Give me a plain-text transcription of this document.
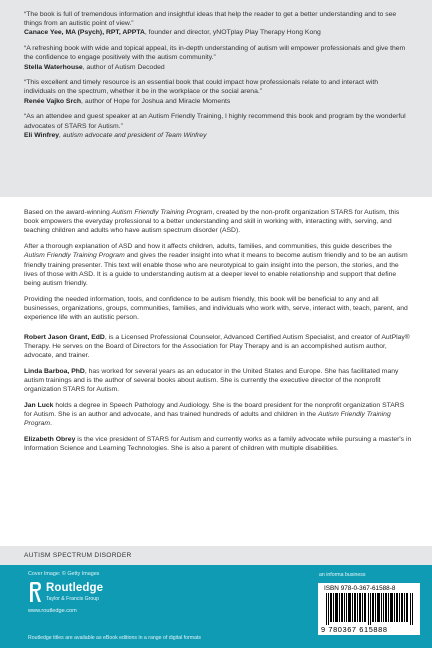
“The book is full of tremendous information and insightful ideas that help the reader to get a better understanding and to see things from an autistic point of view.”

Canace Yee, MA (Psych), RPT, APPTA, founder and director, yNOTplay Play Therapy Hong Kong

“A refreshing book with wide and topical appeal, its in-depth understanding of autism will empower professionals and give them the confidence to engage positively with the autism community.”

Stella Waterhouse, author of Autism Decoded

“This excellent and timely resource is an essential book that could impact how professionals relate to and interact with individuals on the spectrum, whether it be in the workplace or the social arena.”

Renée Vajko Srch, author of Hope for Joshua and Miracle Moments

“As an attendee and guest speaker at an Autism Friendly Training, I highly recommend this book and program by the wonderful advocates of STARS for Autism.”

Eli Winfrey, autism advocate and president of Team Winfrey

Based on the award-winning Autism Friendly Training Program, created by the non-profit organization STARS for Autism, this book empowers the everyday professional to a better understanding and skill in working with, interacting with, serving, and teaching children and adults who have autism spectrum disorder (ASD).

After a thorough explanation of ASD and how it affects children, adults, families, and communities, this guide describes the Autism Friendly Training Program and gives the reader insight into what it means to become autism friendly and to be an autism friendly training presenter. This text will enable those who are neurotypical to gain insight into the person, the stories, and the lives of those with ASD. It is a guide to understanding autism at a deeper level to enable relationship and support that define being autism friendly.

Providing the needed information, tools, and confidence to be autism friendly, this book will be beneficial to any and all businesses, organizations, groups, communities, families, and individuals who work with, serve, interact with, teach, parent, and experience life with an autistic person.

Robert Jason Grant, EdD, is a Licensed Professional Counselor, Advanced Certified Autism Specialist, and creator of AutPlay® Therapy. He serves on the Board of Directors for the Association for Play Therapy and is an accomplished autism author, advocate, and trainer.

Linda Barboa, PhD, has worked for several years as an educator in the United States and Europe. She has facilitated many autism trainings and is the author of several books about autism. She is currently the executive director of the nonprofit organization STARS for Autism.

Jan Luck holds a degree in Speech Pathology and Audiology. She is the board president for the nonprofit organization STARS for Autism. She is an author and advocate, and has trained hundreds of adults and children in the Autism Friendly Training Program.

Elizabeth Obrey is the vice president of STARS for Autism and currently works as a family advocate while pursuing a master's in Information Science and Learning Technologies. She is also a parent of children with multiple disabilities.

AUTISM SPECTRUM DISORDER
Cover Image: © Getty Images
Routledge
Taylor & Francis Group
www.routledge.com
Routledge titles are available as eBook editions in a range of digital formats
an informa business
ISBN 978-0-367-61588-8
9 780367 615888
